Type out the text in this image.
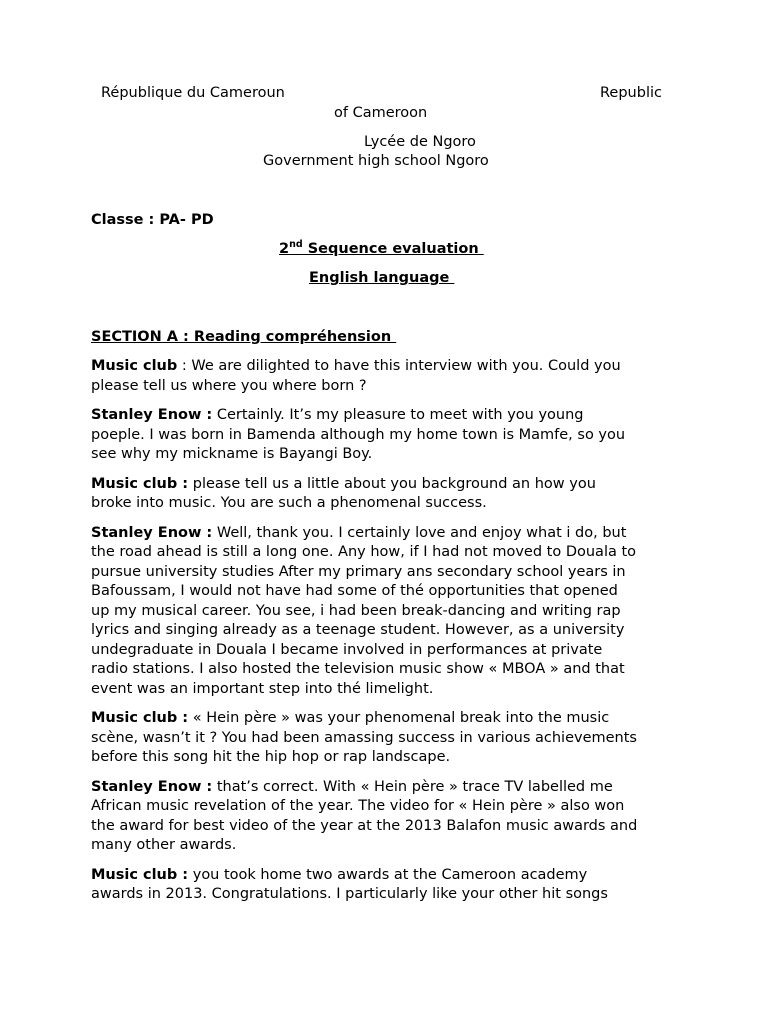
République du Cameroun	Republic
of Cameroon
Lycée de Ngoro
Government high school Ngoro
Classe : PA- PD
2nd Sequence evaluation
English language
SECTION A : Reading compréhension
Music club : We are dilighted to have this interview with you. Could you
please tell us where you where born ?
Stanley Enow : Certainly. It’s my pleasure to meet with you young
poeple. I was born in Bamenda although my home town is Mamfe, so you
see why my mickname is Bayangi Boy.
Music club : please tell us a little about you background an how you
broke into music. You are such a phenomenal success.
Stanley Enow : Well, thank you. I certainly love and enjoy what i do, but
the road ahead is still a long one. Any how, if I had not moved to Douala to
pursue university studies After my primary ans secondary school years in
Bafoussam, I would not have had some of thé opportunities that opened
up my musical career. You see, i had been break-dancing and writing rap
lyrics and singing already as a teenage student. However, as a university
undegraduate in Douala I became involved in performances at private
radio stations. I also hosted the television music show « MBOA » and that
event was an important step into thé limelight.
Music club : « Hein père » was your phenomenal break into the music
scène, wasn’t it ? You had been amassing success in various achievements
before this song hit the hip hop or rap landscape.
Stanley Enow : that’s correct. With « Hein père » trace TV labelled me
African music revelation of the year. The video for « Hein père » also won
the award for best video of the year at the 2013 Balafon music awards and
many other awards.
Music club : you took home two awards at the Cameroon academy
awards in 2013. Congratulations. I particularly like your other hit songs
